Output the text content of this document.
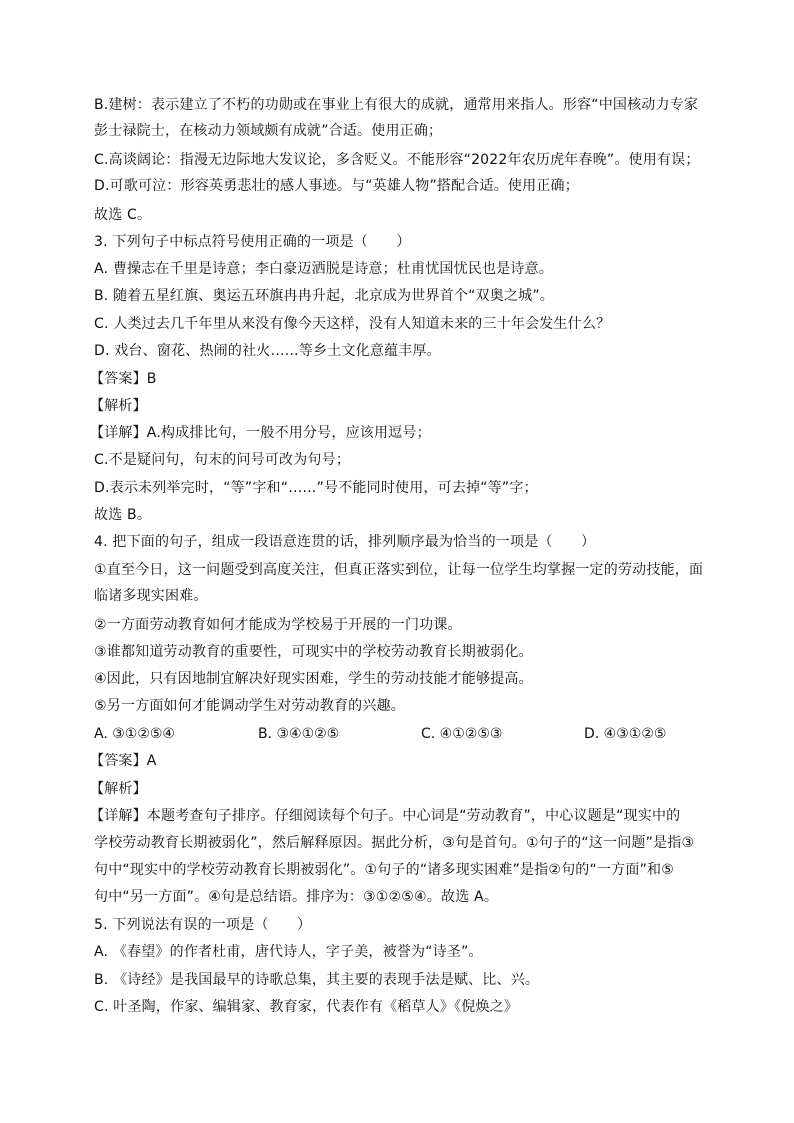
B.建树：表示建立了不朽的功勋或在事业上有很大的成就，通常用来指人。形容“中国核动力专家
彭士禄院士，在核动力领域颇有成就”合适。使用正确；
C.高谈阔论：指漫无边际地大发议论，多含贬义。不能形容“2022年农历虎年春晚”。使用有误；
D.可歌可泣：形容英勇悲壮的感人事迹。与“英雄人物”搭配合适。使用正确；
故选 C。
3. 下列句子中标点符号使用正确的一项是（　　）
A. 曹操志在千里是诗意；李白豪迈洒脱是诗意；杜甫忧国忧民也是诗意。
B. 随着五星红旗、奥运五环旗冉冉升起，北京成为世界首个“双奥之城”。
C. 人类过去几千年里从来没有像今天这样，没有人知道未来的三十年会发生什么？
D. 戏台、窗花、热闹的社火……等乡土文化意蕴丰厚。
【答案】B
【解析】
【详解】A.构成排比句，一般不用分号，应该用逗号；
C.不是疑问句，句末的问号可改为句号；
D.表示未列举完时，“等”字和“……”号不能同时使用，可去掉“等”字；
故选 B。
4. 把下面的句子，组成一段语意连贯的话，排列顺序最为恰当的一项是（　　）
①直至今日，这一问题受到高度关注，但真正落实到位，让每一位学生均掌握一定的劳动技能，面
临诸多现实困难。
②一方面劳动教育如何才能成为学校易于开展的一门功课。
③谁都知道劳动教育的重要性，可现实中的学校劳动教育长期被弱化。
④因此，只有因地制宜解决好现实困难，学生的劳动技能才能够提高。
⑤另一方面如何才能调动学生对劳动教育的兴趣。
A. ③①②⑤④	B. ③④①②⑤	C. ④①②⑤③	D. ④③①②⑤
【答案】A
【解析】
【详解】本题考查句子排序。仔细阅读每个句子。中心词是“劳动教育”，中心议题是“现实中的
学校劳动教育长期被弱化”，然后解释原因。据此分析，③句是首句。①句子的“这一问题”是指③
句中“现实中的学校劳动教育长期被弱化”。①句子的“诸多现实困难”是指②句的“一方面”和⑤
句中“另一方面”。④句是总结语。排序为：③①②⑤④。故选 A。
5. 下列说法有误的一项是（　　）
A. 《春望》的作者杜甫，唐代诗人，字子美，被誉为“诗圣”。
B. 《诗经》是我国最早的诗歌总集，其主要的表现手法是赋、比、兴。
C. 叶圣陶，作家、编辑家、教育家，代表作有《稻草人》《倪焕之》
